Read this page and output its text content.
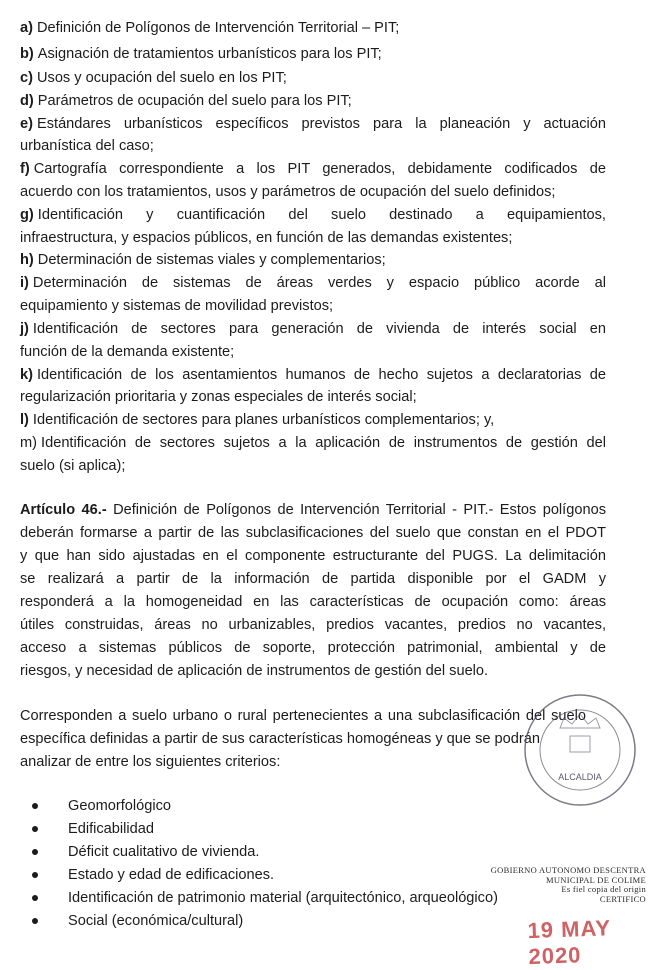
a) Definición de Polígonos de Intervención Territorial – PIT;
b) Asignación de tratamientos urbanísticos para los PIT;
c) Usos y ocupación del suelo en los PIT;
d) Parámetros de ocupación del suelo para los PIT;
e) Estándares urbanísticos específicos previstos para la planeación y actuación
urbanística del caso;
f) Cartografía correspondiente a los PIT generados, debidamente codificados de
acuerdo con los tratamientos, usos y parámetros de ocupación del suelo definidos;
g) Identificación y cuantificación del suelo destinado a equipamientos,
infraestructura, y espacios públicos, en función de las demandas existentes;
h) Determinación de sistemas viales y complementarios;
i) Determinación de sistemas de áreas verdes y espacio público acorde al
equipamiento y sistemas de movilidad previstos;
j) Identificación de sectores para generación de vivienda de interés social en
función de la demanda existente;
k) Identificación de los asentamientos humanos de hecho sujetos a declaratorias de
regularización prioritaria y zonas especiales de interés social;
l) Identificación de sectores para planes urbanísticos complementarios; y,
m) Identificación de sectores sujetos a la aplicación de instrumentos de gestión del
suelo (si aplica);
Artículo 46.- Definición de Polígonos de Intervención Territorial - PIT.- Estos polígonos
deberán formarse a partir de las subclasificaciones del suelo que constan en el PDOT
y que han sido ajustadas en el componente estructurante del PUGS. La delimitación
se realizará a partir de la información de partida disponible por el GADM y
responderá a la homogeneidad en las características de ocupación como: áreas
útiles construidas, áreas no urbanizables, predios vacantes, predios no vacantes,
acceso a sistemas públicos de soporte, protección patrimonial, ambiental y de
riesgos, y necesidad de aplicación de instrumentos de gestión del suelo.
Corresponden a suelo urbano o rural pertenecientes a una subclasificación del suelo
específica definidas a partir de sus características homogéneas y que se podrán
analizar de entre los siguientes criterios:
Geomorfológico
Edificabilidad
Déficit cualitativo de vivienda.
Estado y edad de edificaciones.
Identificación de patrimonio material (arquitectónico, arqueológico)
Social (económica/cultural)
ALCALDIA
GOBIERNO AUTONOMO DESCENTRA
MUNICIPAL DE COLIME
Es fiel copia del origin
CERTIFICO
19 MAY 2020
